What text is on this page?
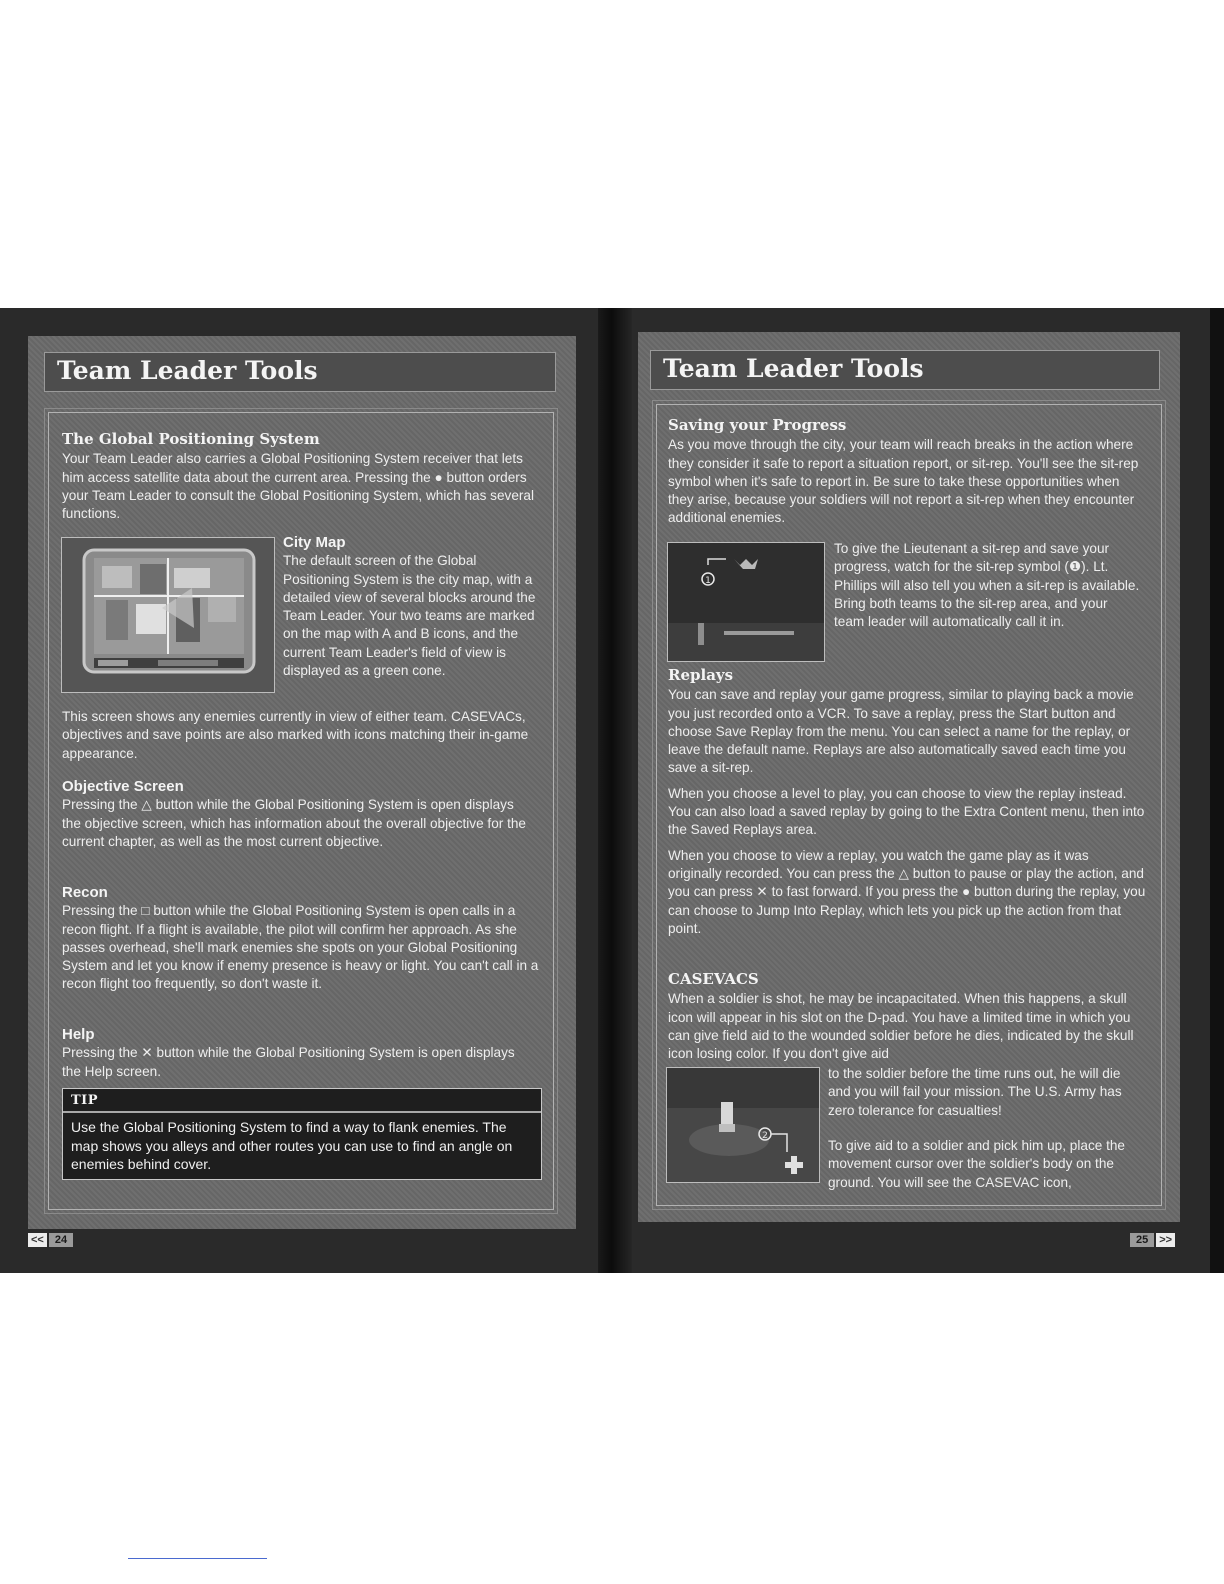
Team Leader Tools
The Global Positioning System

Your Team Leader also carries a Global Positioning System receiver that lets him access satellite data about the current area. Pressing the ● button orders your Team Leader to consult the Global Positioning System, which has several functions.

City Map

The default screen of the Global Positioning System is the city map, with a detailed view of several blocks around the Team Leader. Your two teams are marked on the map with A and B icons, and the current Team Leader's field of view is displayed as a green cone.

This screen shows any enemies currently in view of either team. CASEVACs, objectives and save points are also marked with icons matching their in-game appearance.

Objective Screen

Pressing the △ button while the Global Positioning System is open displays the objective screen, which has information about the overall objective for the current chapter, as well as the most current objective.

Recon

Pressing the □ button while the Global Positioning System is open calls in a recon flight. If a flight is available, the pilot will confirm her approach. As she passes overhead, she'll mark enemies she spots on your Global Positioning System and let you know if enemy presence is heavy or light. You can't call in a recon flight too frequently, so don't waste it.

Help

Pressing the ✕ button while the Global Positioning System is open displays the Help screen.

TIP
Use the Global Positioning System to find a way to flank enemies. The map shows you alleys and other routes you can use to find an angle on enemies behind cover.
<< 24
Team Leader Tools
Saving your Progress

As you move through the city, your team will reach breaks in the action where they consider it safe to report a situation report, or sit-rep. You'll see the sit-rep symbol when it's safe to report in. Be sure to take these opportunities when they arise, because your soldiers will not report a sit-rep when they encounter additional enemies.

1

To give the Lieutenant a sit-rep and save your progress, watch for the sit-rep symbol (❶). Lt. Phillips will also tell you when a sit-rep is available. Bring both teams to the sit-rep area, and your team leader will automatically call it in.

Replays

You can save and replay your game progress, similar to playing back a movie you just recorded onto a VCR. To save a replay, press the Start button and choose Save Replay from the menu. You can select a name for the replay, or leave the default name. Replays are also automatically saved each time you save a sit-rep.

When you choose a level to play, you can choose to view the replay instead. You can also load a saved replay by going to the Extra Content menu, then into the Saved Replays area.

When you choose to view a replay, you watch the game play as it was originally recorded. You can press the △ button to pause or play the action, and you can press ✕ to fast forward. If you press the ● button during the replay, you can choose to Jump Into Replay, which lets you pick up the action from that point.

CASEVACS

When a soldier is shot, he may be incapacitated. When this happens, a skull icon will appear in his slot on the D-pad. You have a limited time in which you can give field aid to the wounded soldier before he dies, indicated by the skull icon losing color. If you don't give aid

2

to the soldier before the time runs out, he will die and you will fail your mission. The U.S. Army has zero tolerance for casualties!

To give aid to a soldier and pick him up, place the movement cursor over the soldier's body on the ground. You will see the CASEVAC icon,

25 >>
